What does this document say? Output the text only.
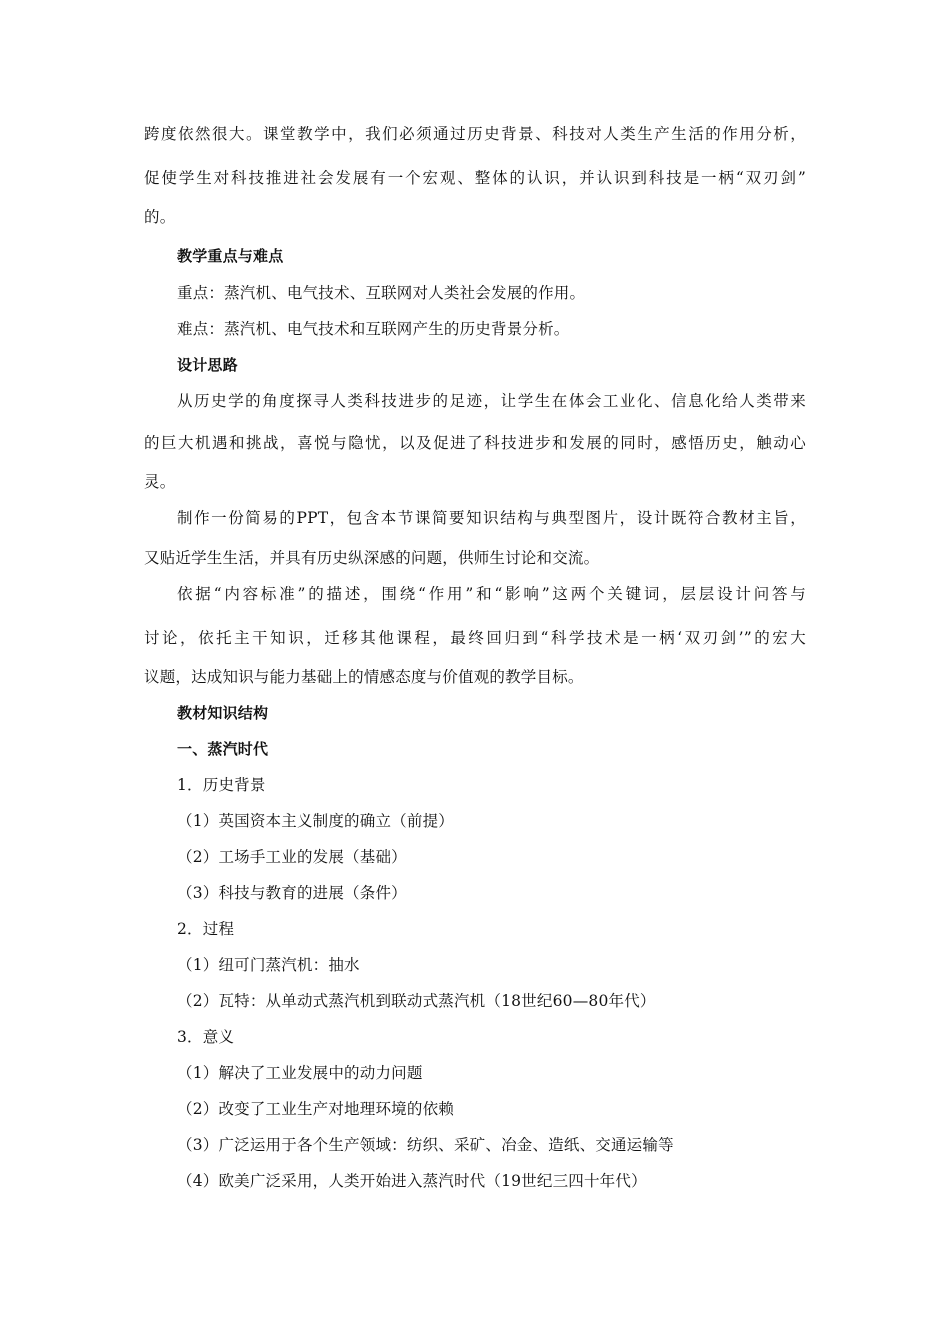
跨度依然很大。课堂教学中，我们必须通过历史背景、科技对人类生产生活的作用分析，
促使学生对科技推进社会发展有一个宏观、整体的认识，并认识到科技是一柄“双刃剑”
的。
教学重点与难点
重点：蒸汽机、电气技术、互联网对人类社会发展的作用。
难点：蒸汽机、电气技术和互联网产生的历史背景分析。
设计思路
从历史学的角度探寻人类科技进步的足迹，让学生在体会工业化、信息化给人类带来
的巨大机遇和挑战，喜悦与隐忧，以及促进了科技进步和发展的同时，感悟历史，触动心
灵。
制作一份简易的PPT，包含本节课简要知识结构与典型图片，设计既符合教材主旨，
又贴近学生生活，并具有历史纵深感的问题，供师生讨论和交流。
依据“内容标准”的描述，围绕“作用”和“影响”这两个关键词，层层设计问答与
讨论，依托主干知识，迁移其他课程，最终回归到“科学技术是一柄‘双刃剑’”的宏大
议题，达成知识与能力基础上的情感态度与价值观的教学目标。
教材知识结构
一、蒸汽时代
1．历史背景
（1）英国资本主义制度的确立（前提）
（2）工场手工业的发展（基础）
（3）科技与教育的进展（条件）
2．过程
（1）纽可门蒸汽机：抽水
（2）瓦特：从单动式蒸汽机到联动式蒸汽机（18世纪60—80年代）
3．意义
（1）解决了工业发展中的动力问题
（2）改变了工业生产对地理环境的依赖
（3）广泛运用于各个生产领域：纺织、采矿、冶金、造纸、交通运输等
（4）欧美广泛采用，人类开始进入蒸汽时代（19世纪三四十年代）
